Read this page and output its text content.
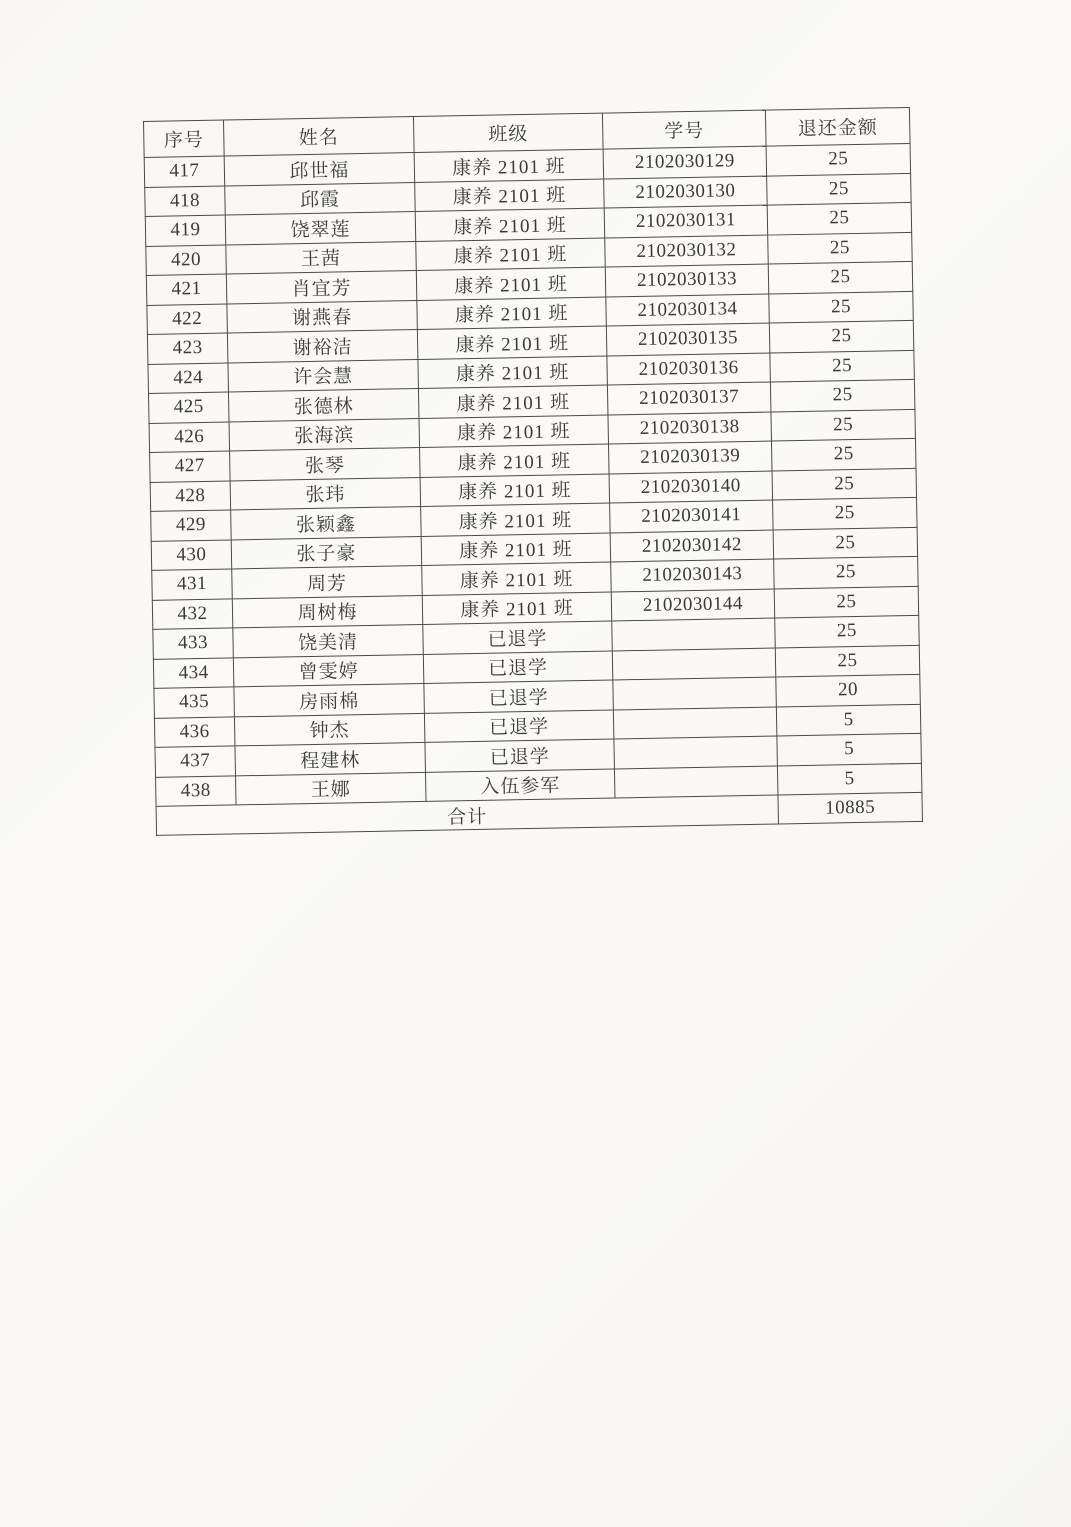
序号	姓名	班级	学号	退还金额
417	邱世福	康养 2101 班	2102030129	25
418	邱霞	康养 2101 班	2102030130	25
419	饶翠莲	康养 2101 班	2102030131	25
420	王茜	康养 2101 班	2102030132	25
421	肖宜芳	康养 2101 班	2102030133	25
422	谢燕春	康养 2101 班	2102030134	25
423	谢裕洁	康养 2101 班	2102030135	25
424	许会慧	康养 2101 班	2102030136	25
425	张德林	康养 2101 班	2102030137	25
426	张海滨	康养 2101 班	2102030138	25
427	张琴	康养 2101 班	2102030139	25
428	张玮	康养 2101 班	2102030140	25
429	张颖鑫	康养 2101 班	2102030141	25
430	张子豪	康养 2101 班	2102030142	25
431	周芳	康养 2101 班	2102030143	25
432	周树梅	康养 2101 班	2102030144	25
433	饶美清	已退学		25
434	曾雯婷	已退学		25
435	房雨棉	已退学		20
436	钟杰	已退学		5
437	程建林	已退学		5
438	王娜	入伍参军		5
合计				10885
